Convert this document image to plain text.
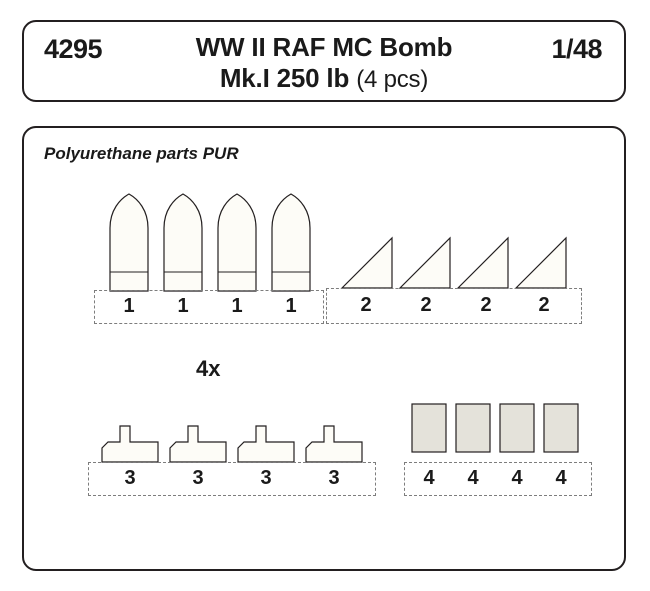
4295	WW II RAF MC Bomb
Mk.I 250 lb (4 pcs)
1/48
Polyurethane parts PUR
1	1	1	1	2	2	2	2
4x
3	3	3	3	4	4	4	4
